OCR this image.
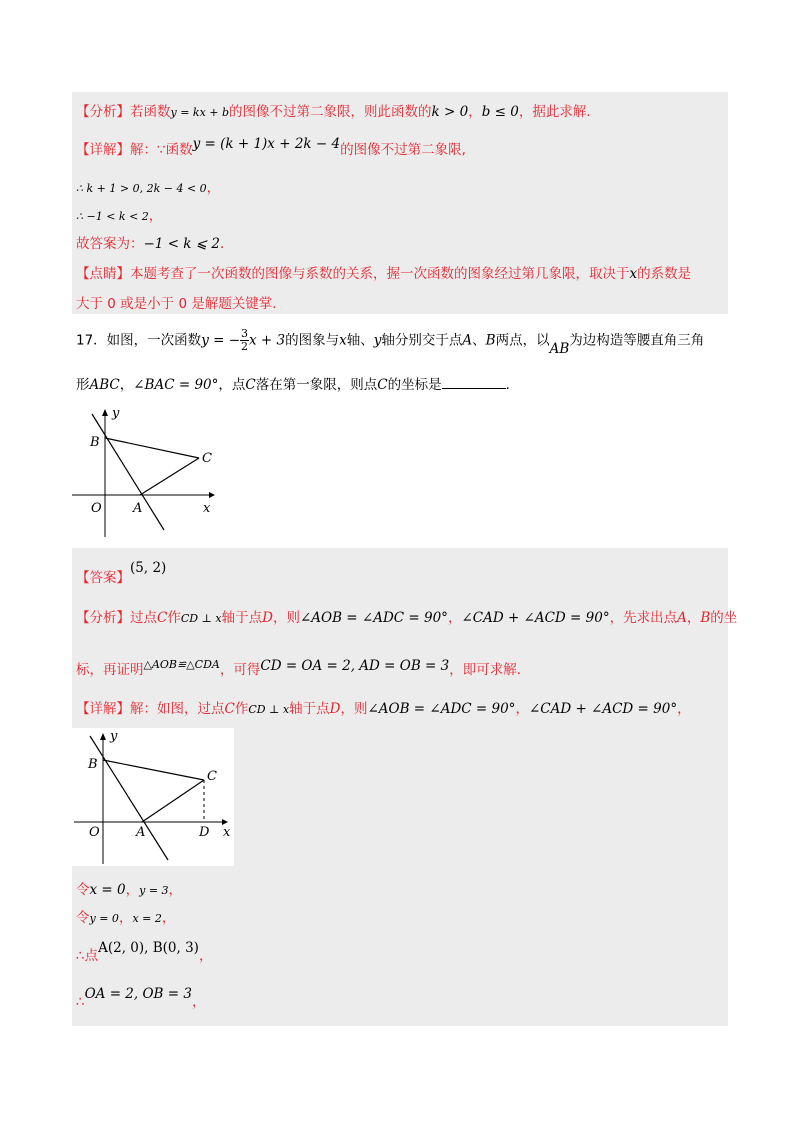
【分析】若函数y = kx + b的图像不过第二象限，则此函数的k > 0，b ≤ 0，据此求解．
【详解】解：∵函数y = (k + 1)x + 2k − 4的图像不过第二象限,
∴ k + 1 > 0, 2k − 4 < 0，
∴ −1 < k < 2，
故答案为：−1 < k ⩽ 2．
【点睛】本题考查了一次函数的图像与系数的关系，握一次函数的图象经过第几象限，取决于x的系数是
大于 0 或是小于 0 是解题关键掌．
17．如图，一次函数y = − $\frac{3}{2}$ x + 3的图象与x轴、y轴分别交于点A、B两点，以AB为边构造等腰直角三角
形ABC，∠BAC = 90°，点C落在第一象限，则点C的坐标是	．
y
B
C
O A	x
【答案】(5, 2)
【分析】过点C作CD ⊥ x轴于点D，则∠AOB = ∠ADC = 90°，∠CAD + ∠ACD = 90°，先求出点A，B的坐
标，再证明$^{\triangle AOB≌\triangle CDA}$，可得CD = OA = 2, AD = OB = 3，即可求解．
【详解】解：如图，过点C作CD ⊥ x轴于点D，则∠AOB = ∠ADC = 90°，∠CAD + ∠ACD = 90°，
y
B
C
O	A	D x
令x = 0，y = 3，
令y = 0，x = 2，
∴点A(2, 0), B(0, 3)，
∴OA = 2, OB = 3，
